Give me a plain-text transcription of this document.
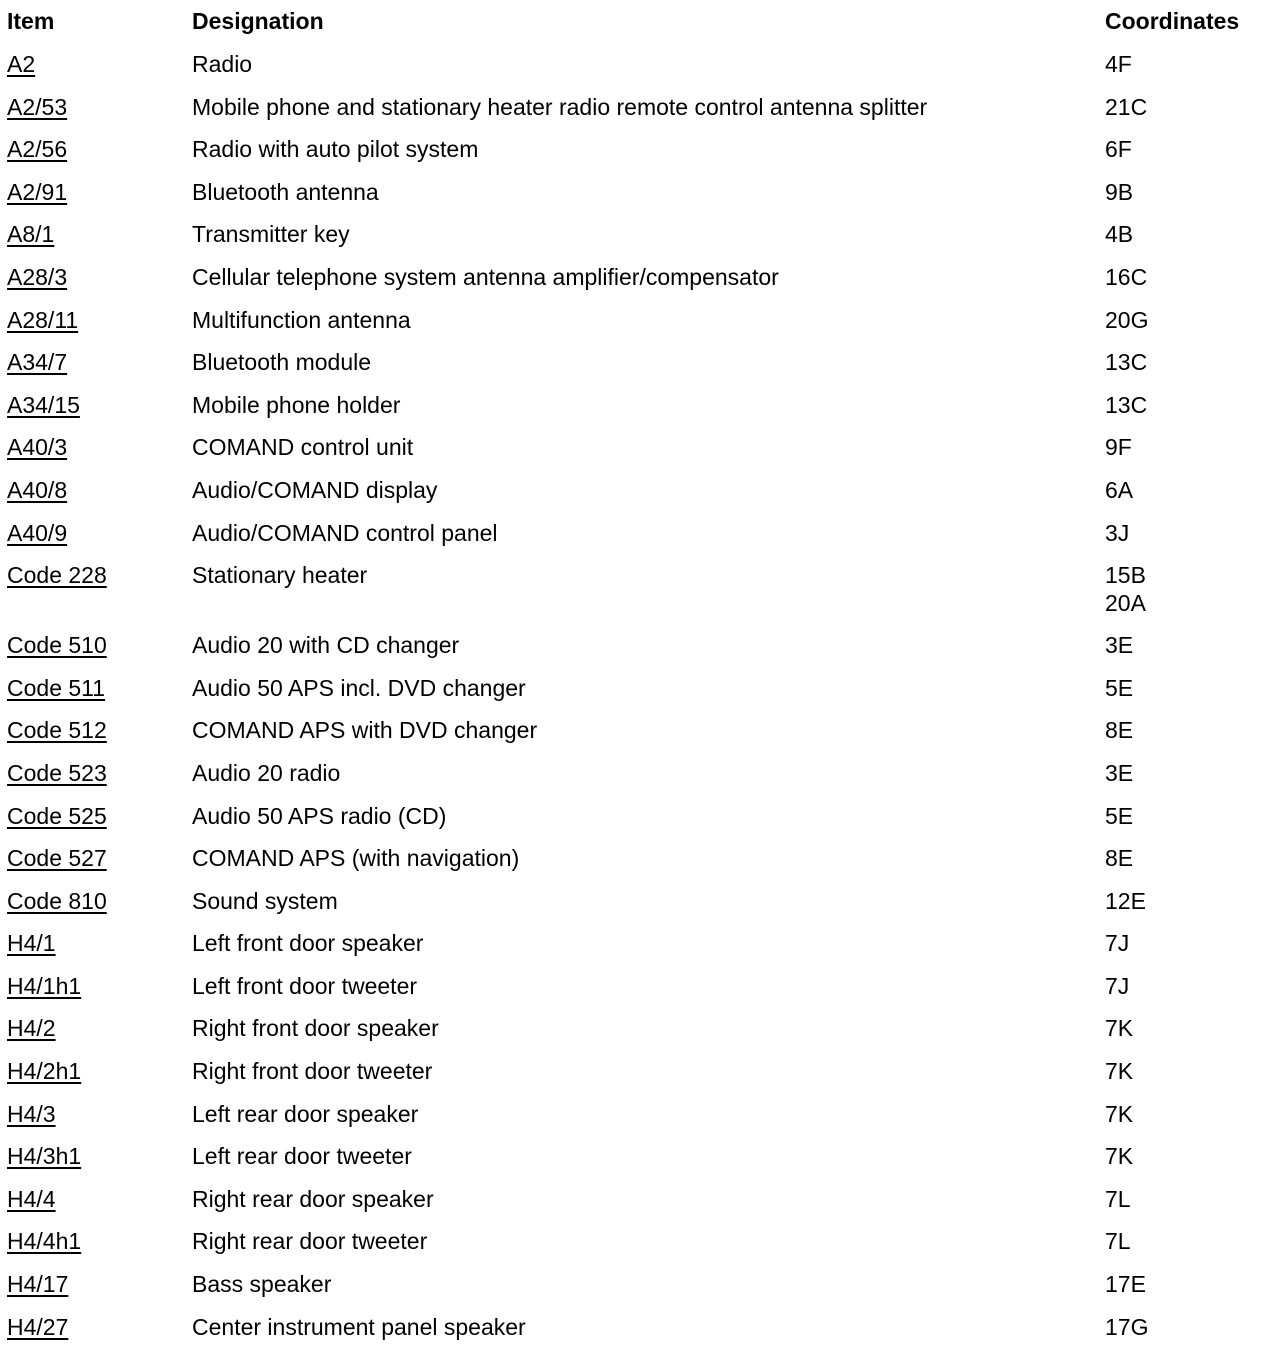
Item	Designation	Coordinates
A2	Radio	4F

A2/53	Mobile phone and stationary heater radio remote control antenna splitter	21C

A2/56	Radio with auto pilot system	6F

A2/91	Bluetooth antenna	9B

A8/1	Transmitter key	4B

A28/3	Cellular telephone system antenna amplifier/compensator	16C

A28/11	Multifunction antenna	20G

A34/7	Bluetooth module	13C

A34/15	Mobile phone holder	13C

A40/3	COMAND control unit	9F

A40/8	Audio/COMAND display	6A

A40/9	Audio/COMAND control panel	3J

Code 228	Stationary heater	15B
20A

Code 510	Audio 20 with CD changer	3E

Code 511	Audio 50 APS incl. DVD changer	5E

Code 512	COMAND APS with DVD changer	8E

Code 523	Audio 20 radio	3E

Code 525	Audio 50 APS radio (CD)	5E

Code 527	COMAND APS (with navigation)	8E

Code 810	Sound system	12E

H4/1	Left front door speaker	7J

H4/1h1	Left front door tweeter	7J

H4/2	Right front door speaker	7K

H4/2h1	Right front door tweeter	7K

H4/3	Left rear door speaker	7K

H4/3h1	Left rear door tweeter	7K

H4/4	Right rear door speaker	7L

H4/4h1	Right rear door tweeter	7L

H4/17	Bass speaker	17E

H4/27	Center instrument panel speaker	17G
